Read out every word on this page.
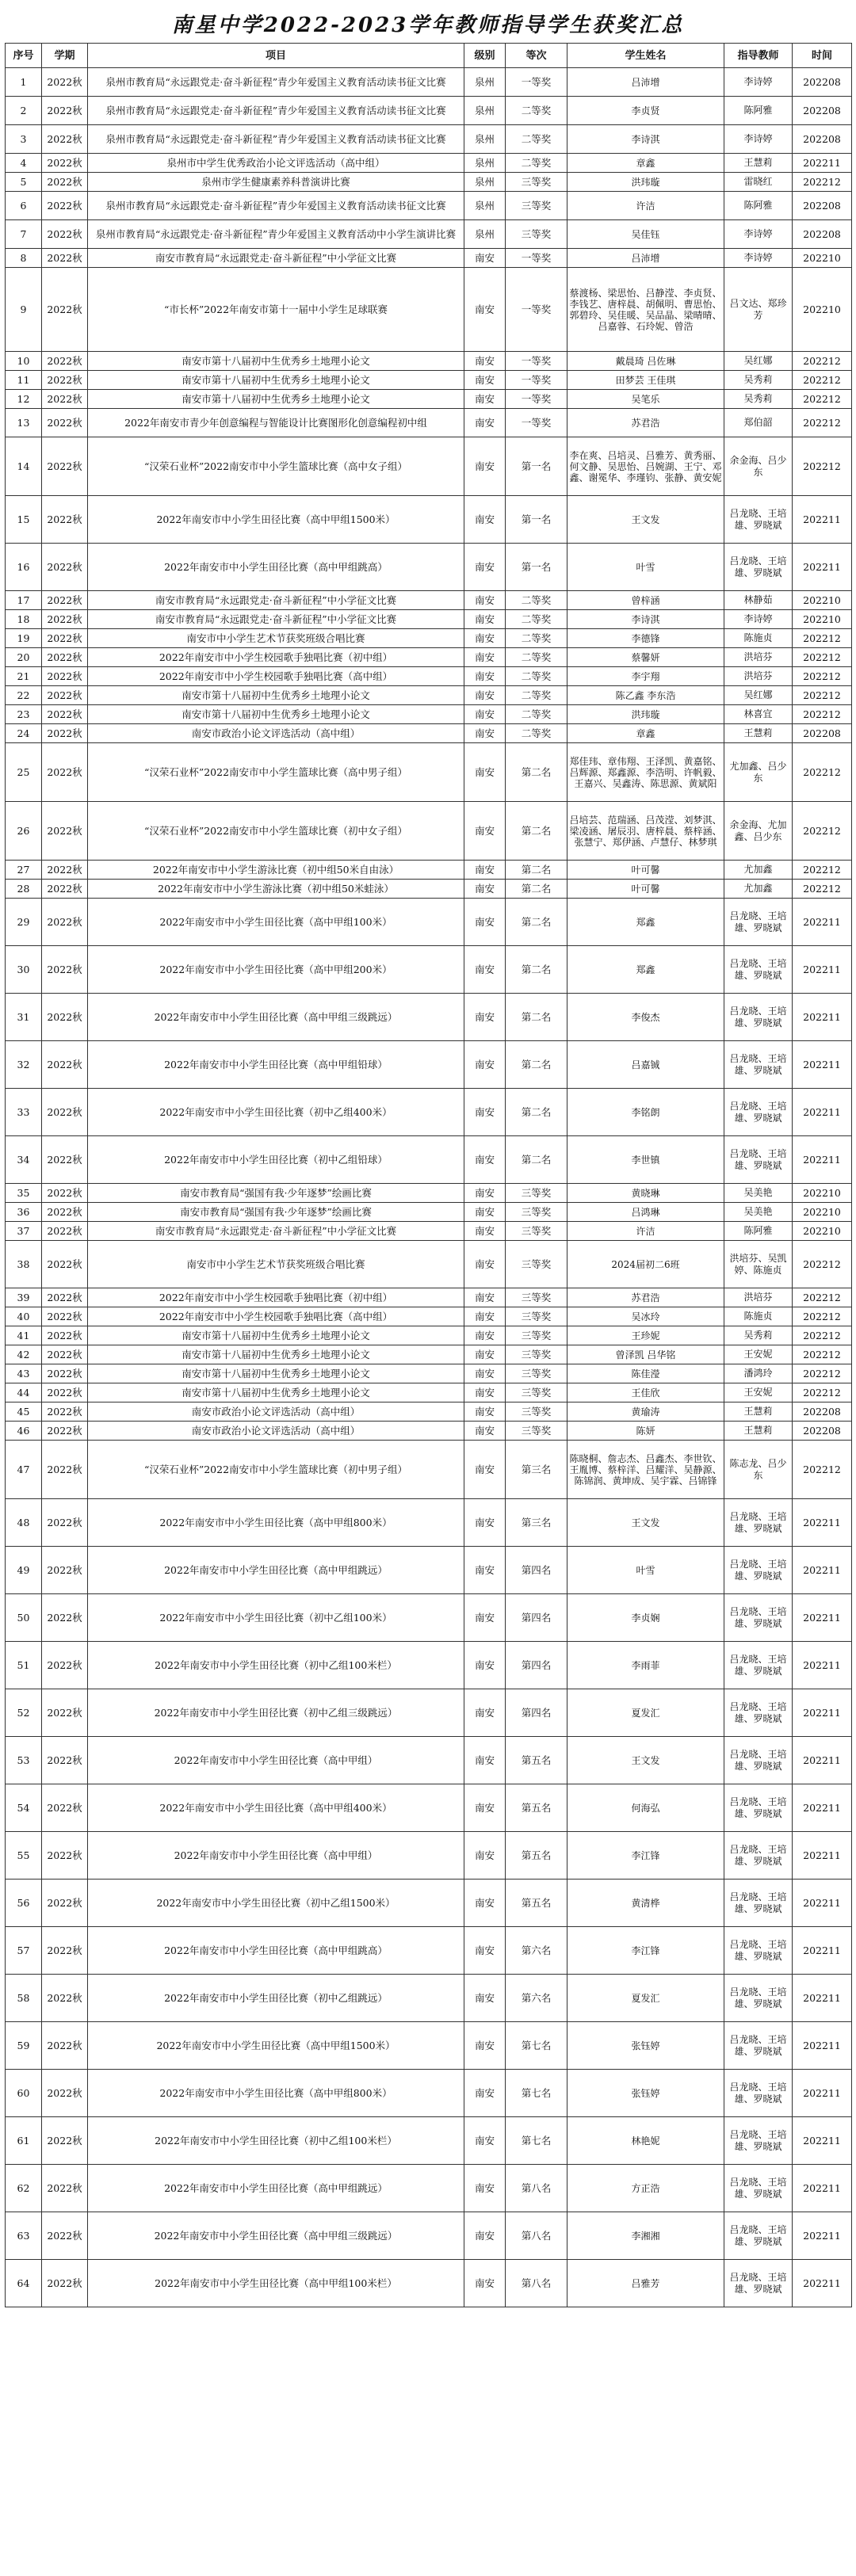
南星中学2022-2023学年教师指导学生获奖汇总
序号	学期	项目	级别	等次	学生姓名	指导教师	时间
1	2022秋	泉州市教育局“永远跟党走·奋斗新征程”青少年爱国主义教育活动读书征文比赛	泉州	一等奖	吕沛增	李诗婷	202208
2	2022秋	泉州市教育局“永远跟党走·奋斗新征程”青少年爱国主义教育活动读书征文比赛	泉州	二等奖	李贞贤	陈阿雅	202208
3	2022秋	泉州市教育局“永远跟党走·奋斗新征程”青少年爱国主义教育活动读书征文比赛	泉州	二等奖	李诗淇	李诗婷	202208
4	2022秋	泉州市中学生优秀政治小论文评选活动（高中组）	泉州	二等奖	章鑫	王慧莉	202211
5	2022秋	泉州市学生健康素养科普演讲比赛	泉州	三等奖	洪玮璇	雷晓红	202212
6	2022秋	泉州市教育局“永远跟党走·奋斗新征程”青少年爱国主义教育活动读书征文比赛	泉州	三等奖	许洁	陈阿雅	202208
7	2022秋	泉州市教育局“永远跟党走·奋斗新征程”青少年爱国主义教育活动中小学生演讲比赛	泉州	三等奖	吴佳钰	李诗婷	202208
8	2022秋	南安市教育局“永远跟党走·奋斗新征程”中小学征文比赛	南安	一等奖	吕沛增	李诗婷	202210
9	2022秋	“市长杯”2022年南安市第十一届中小学生足球联赛	南安	一等奖	蔡渡杨、梁思怡、吕静滢、李贞贤、李钱艺、唐梓晨、胡佩明、曹思怡、郭碧玲、吴佳暖、吴品晶、梁晴晴、吕嘉蓉、石玲妮、曾浩	吕文达、郑珍芳	202210
10	2022秋	南安市第十八届初中生优秀乡土地理小论文	南安	一等奖	戴晨琦 吕佐琳	吴红娜	202212
11	2022秋	南安市第十八届初中生优秀乡土地理小论文	南安	一等奖	田梦芸 王佳琪	吴秀莉	202212
12	2022秋	南安市第十八届初中生优秀乡土地理小论文	南安	一等奖	吴笔乐	吴秀莉	202212
13	2022秋	2022年南安市青少年创意编程与智能设计比赛图形化创意编程初中组	南安	一等奖	苏君浩	郑伯韶	202212
14	2022秋	“汉荣石业杯”2022南安市中小学生篮球比赛（高中女子组）	南安	第一名	李在爽、吕培灵、吕雅芳、黄秀丽、何文静、吴思怡、吕婉湖、王宁、邓鑫、谢冕华、李瑾钧、张静、黄安妮	余金海、吕少东	202212
15	2022秋	2022年南安市中小学生田径比赛（高中甲组1500米）	南安	第一名	王文发	吕龙晓、王培雄、罗晓斌	202211
16	2022秋	2022年南安市中小学生田径比赛（高中甲组跳高）	南安	第一名	叶雪	吕龙晓、王培雄、罗晓斌	202211
17	2022秋	南安市教育局“永远跟党走·奋斗新征程”中小学征文比赛	南安	二等奖	曾梓涵	林静茹	202210
18	2022秋	南安市教育局“永远跟党走·奋斗新征程”中小学征文比赛	南安	二等奖	李诗淇	李诗婷	202210
19	2022秋	南安市中小学生艺术节获奖班级合唱比赛	南安	二等奖	李德锋	陈施贞	202212
20	2022秋	2022年南安市中小学生校园歌手独唱比赛（初中组）	南安	二等奖	蔡馨妍	洪培芬	202212
21	2022秋	2022年南安市中小学生校园歌手独唱比赛（高中组）	南安	二等奖	李宇翔	洪培芬	202212
22	2022秋	南安市第十八届初中生优秀乡土地理小论文	南安	二等奖	陈乙鑫 李东浩	吴红娜	202212
23	2022秋	南安市第十八届初中生优秀乡土地理小论文	南安	二等奖	洪玮璇	林喜宜	202212
24	2022秋	南安市政治小论文评选活动（高中组）	南安	二等奖	章鑫	王慧莉	202208
25	2022秋	“汉荣石业杯”2022南安市中小学生篮球比赛（高中男子组）	南安	第二名	郑佳玮、章伟翔、王泽凯、黄嘉铭、吕辉源、郑鑫源、李浩明、许帆毅、王嘉兴、吴鑫涛、陈思源、黄斌阳	尤加鑫、吕少东	202212
26	2022秋	“汉荣石业杯”2022南安市中小学生篮球比赛（初中女子组）	南安	第二名	吕培芸、范瑞涵、吕茂滢、刘梦淇、梁凌涵、屠辰羽、唐梓晨、蔡梓涵、张慧宁、郑伊涵、卢慧仔、林梦琪	余金海、尤加鑫、吕少东	202212
27	2022秋	2022年南安市中小学生游泳比赛（初中组50米自由泳）	南安	第二名	叶可馨	尤加鑫	202212
28	2022秋	2022年南安市中小学生游泳比赛（初中组50米蛙泳）	南安	第二名	叶可馨	尤加鑫	202212
29	2022秋	2022年南安市中小学生田径比赛（高中甲组100米）	南安	第二名	郑鑫	吕龙晓、王培雄、罗晓斌	202211
30	2022秋	2022年南安市中小学生田径比赛（高中甲组200米）	南安	第二名	郑鑫	吕龙晓、王培雄、罗晓斌	202211
31	2022秋	2022年南安市中小学生田径比赛（高中甲组三级跳远）	南安	第二名	李俊杰	吕龙晓、王培雄、罗晓斌	202211
32	2022秋	2022年南安市中小学生田径比赛（高中甲组铅球）	南安	第二名	吕嘉铖	吕龙晓、王培雄、罗晓斌	202211
33	2022秋	2022年南安市中小学生田径比赛（初中乙组400米）	南安	第二名	李铭朗	吕龙晓、王培雄、罗晓斌	202211
34	2022秋	2022年南安市中小学生田径比赛（初中乙组铅球）	南安	第二名	李世镇	吕龙晓、王培雄、罗晓斌	202211
35	2022秋	南安市教育局“强国有我·少年逐梦”绘画比赛	南安	三等奖	黄晓琳	吴美艳	202210
36	2022秋	南安市教育局“强国有我·少年逐梦”绘画比赛	南安	三等奖	吕鸿琳	吴美艳	202210
37	2022秋	南安市教育局“永远跟党走·奋斗新征程”中小学征文比赛	南安	三等奖	许洁	陈阿雅	202210
38	2022秋	南安市中小学生艺术节获奖班级合唱比赛	南安	三等奖	2024届初二6班	洪培芬、吴凯婷、陈施贞	202212
39	2022秋	2022年南安市中小学生校园歌手独唱比赛（初中组）	南安	三等奖	苏君浩	洪培芬	202212
40	2022秋	2022年南安市中小学生校园歌手独唱比赛（高中组）	南安	三等奖	吴冰玲	陈施贞	202212
41	2022秋	南安市第十八届初中生优秀乡土地理小论文	南安	三等奖	王珍妮	吴秀莉	202212
42	2022秋	南安市第十八届初中生优秀乡土地理小论文	南安	三等奖	曾泽凯 吕华铭	王安妮	202212
43	2022秋	南安市第十八届初中生优秀乡土地理小论文	南安	三等奖	陈佳瀅	潘鸿玲	202212
44	2022秋	南安市第十八届初中生优秀乡土地理小论文	南安	三等奖	王佳欣	王安妮	202212
45	2022秋	南安市政治小论文评选活动（高中组）	南安	三等奖	黄瑜涛	王慧莉	202208
46	2022秋	南安市政治小论文评选活动（高中组）	南安	三等奖	陈妍	王慧莉	202208
47	2022秋	“汉荣石业杯”2022南安市中小学生篮球比赛（初中男子组）	南安	第三名	陈晓桐、詹志杰、吕鑫杰、李世钦、王胤博、蔡梓洋、吕耀洋、吴静源、陈锦润、黄坤成、吴宇霖、吕锦锋	陈志龙、吕少东	202212
48	2022秋	2022年南安市中小学生田径比赛（高中甲组800米）	南安	第三名	王文发	吕龙晓、王培雄、罗晓斌	202211
49	2022秋	2022年南安市中小学生田径比赛（高中甲组跳远）	南安	第四名	叶雪	吕龙晓、王培雄、罗晓斌	202211
50	2022秋	2022年南安市中小学生田径比赛（初中乙组100米）	南安	第四名	李贞娴	吕龙晓、王培雄、罗晓斌	202211
51	2022秋	2022年南安市中小学生田径比赛（初中乙组100米栏）	南安	第四名	李雨菲	吕龙晓、王培雄、罗晓斌	202211
52	2022秋	2022年南安市中小学生田径比赛（初中乙组三级跳远）	南安	第四名	夏发汇	吕龙晓、王培雄、罗晓斌	202211
53	2022秋	2022年南安市中小学生田径比赛（高中甲组）	南安	第五名	王文发	吕龙晓、王培雄、罗晓斌	202211
54	2022秋	2022年南安市中小学生田径比赛（高中甲组400米）	南安	第五名	何海弘	吕龙晓、王培雄、罗晓斌	202211
55	2022秋	2022年南安市中小学生田径比赛（高中甲组）	南安	第五名	李江锋	吕龙晓、王培雄、罗晓斌	202211
56	2022秋	2022年南安市中小学生田径比赛（初中乙组1500米）	南安	第五名	黄清桦	吕龙晓、王培雄、罗晓斌	202211
57	2022秋	2022年南安市中小学生田径比赛（高中甲组跳高）	南安	第六名	李江锋	吕龙晓、王培雄、罗晓斌	202211
58	2022秋	2022年南安市中小学生田径比赛（初中乙组跳远）	南安	第六名	夏发汇	吕龙晓、王培雄、罗晓斌	202211
59	2022秋	2022年南安市中小学生田径比赛（高中甲组1500米）	南安	第七名	张钰婷	吕龙晓、王培雄、罗晓斌	202211
60	2022秋	2022年南安市中小学生田径比赛（高中甲组800米）	南安	第七名	张钰婷	吕龙晓、王培雄、罗晓斌	202211
61	2022秋	2022年南安市中小学生田径比赛（初中乙组100米栏）	南安	第七名	林艳妮	吕龙晓、王培雄、罗晓斌	202211
62	2022秋	2022年南安市中小学生田径比赛（高中甲组跳远）	南安	第八名	方正浩	吕龙晓、王培雄、罗晓斌	202211
63	2022秋	2022年南安市中小学生田径比赛（高中甲组三级跳远）	南安	第八名	李湘湘	吕龙晓、王培雄、罗晓斌	202211
64	2022秋	2022年南安市中小学生田径比赛（高中甲组100米栏）	南安	第八名	吕雅芳	吕龙晓、王培雄、罗晓斌	202211
